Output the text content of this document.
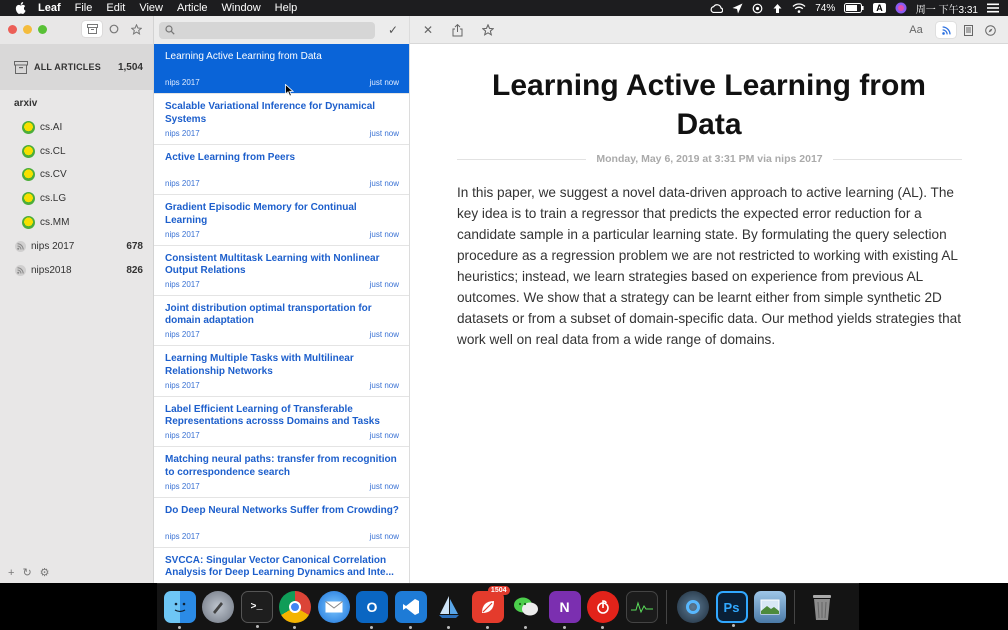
Leaf File Edit View Article Window Help	74%	A	周一 下午3:31
ALL ARTICLES 1,504
arxiv
cs.AI
cs.CL
cs.CV
cs.LG
cs.MM
nips 2017	678
nips2018	826
+ ↻ ⚙
✓
Learning Active Learning from Data
nips 2017	just now
Scalable Variational Inference for Dynamical Systems
nips 2017	just now
Active Learning from Peers
nips 2017	just now
Gradient Episodic Memory for Continual Learning
nips 2017	just now
Consistent Multitask Learning with Nonlinear Output Relations
nips 2017	just now
Joint distribution optimal transportation for domain adaptation
nips 2017	just now
Learning Multiple Tasks with Multilinear Relationship Networks
nips 2017	just now
Label Efficient Learning of Transferable Representations acrosss Domains and Tasks
nips 2017	just now
Matching neural paths: transfer from recognition to correspondence search
nips 2017	just now
Do Deep Neural Networks Suffer from Crowding?
nips 2017	just now
SVCCA: Singular Vector Canonical Correlation Analysis for Deep Learning Dynamics and Inte...
✕	Aa
Learning Active Learning from Data
Monday, May 6, 2019 at 3:31 PM via nips 2017
In this paper, we suggest a novel data-driven approach to active learning (AL). The key idea is to train a regressor that predicts the expected error reduction for a candidate sample in a particular learning state. By formulating the query selection procedure as a regression problem we are not restricted to working with existing AL heuristics; instead, we learn strategies based on experience from previous AL outcomes. We show that a strategy can be learnt either from simple synthetic 2D datasets or from a subset of domain-specific data. Our method yields strategies that work well on real data from a wide range of domains.
>_	O
1504
N	Ps
